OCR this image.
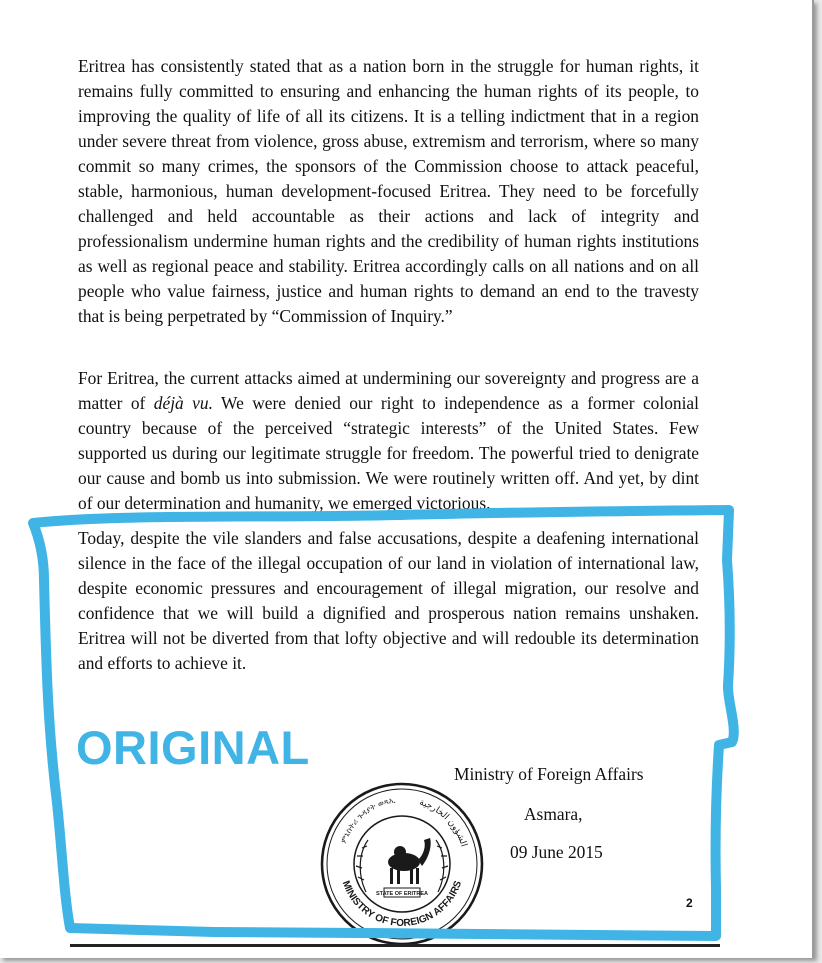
Eritrea has consistently stated that as a nation born in the struggle for human rights, it remains fully committed to ensuring and enhancing the human rights of its people, to improving the quality of life of all its citizens. It is a telling indictment that in a region under severe threat from violence, gross abuse, extremism and terrorism, where so many commit so many crimes, the sponsors of the Commission choose to attack peaceful, stable, harmonious, human development-focused Eritrea. They need to be forcefully challenged and held accountable as their actions and lack of integrity and professionalism undermine human rights and the credibility of human rights institutions as well as regional peace and stability. Eritrea accordingly calls on all nations and on all people who value fairness, justice and human rights to demand an end to the travesty that is being perpetrated by “Commission of Inquiry.”
For Eritrea, the current attacks aimed at undermining our sovereignty and progress are a matter of déjà vu. We were denied our right to independence as a former colonial country because of the perceived “strategic interests” of the United States. Few supported us during our legitimate struggle for freedom. The powerful tried to denigrate our cause and bomb us into submission. We were routinely written off. And yet, by dint of our determination and humanity, we emerged victorious.
Today, despite the vile slanders and false accusations, despite a deafening international silence in the face of the illegal occupation of our land in violation of international law, despite economic pressures and encouragement of illegal migration, our resolve and confidence that we will build a dignified and prosperous nation remains unshaken. Eritrea will not be diverted from that lofty objective and will redouble its determination and efforts to achieve it.
Ministry of Foreign Affairs
Asmara,
09 June 2015
MINISTRY OF FOREIGN AFFAIRS
الشؤون الخارجية
ምኒስትሪ ጉዳያት ወጻኢ
STATE OF ERITREA
2
ORIGINAL
